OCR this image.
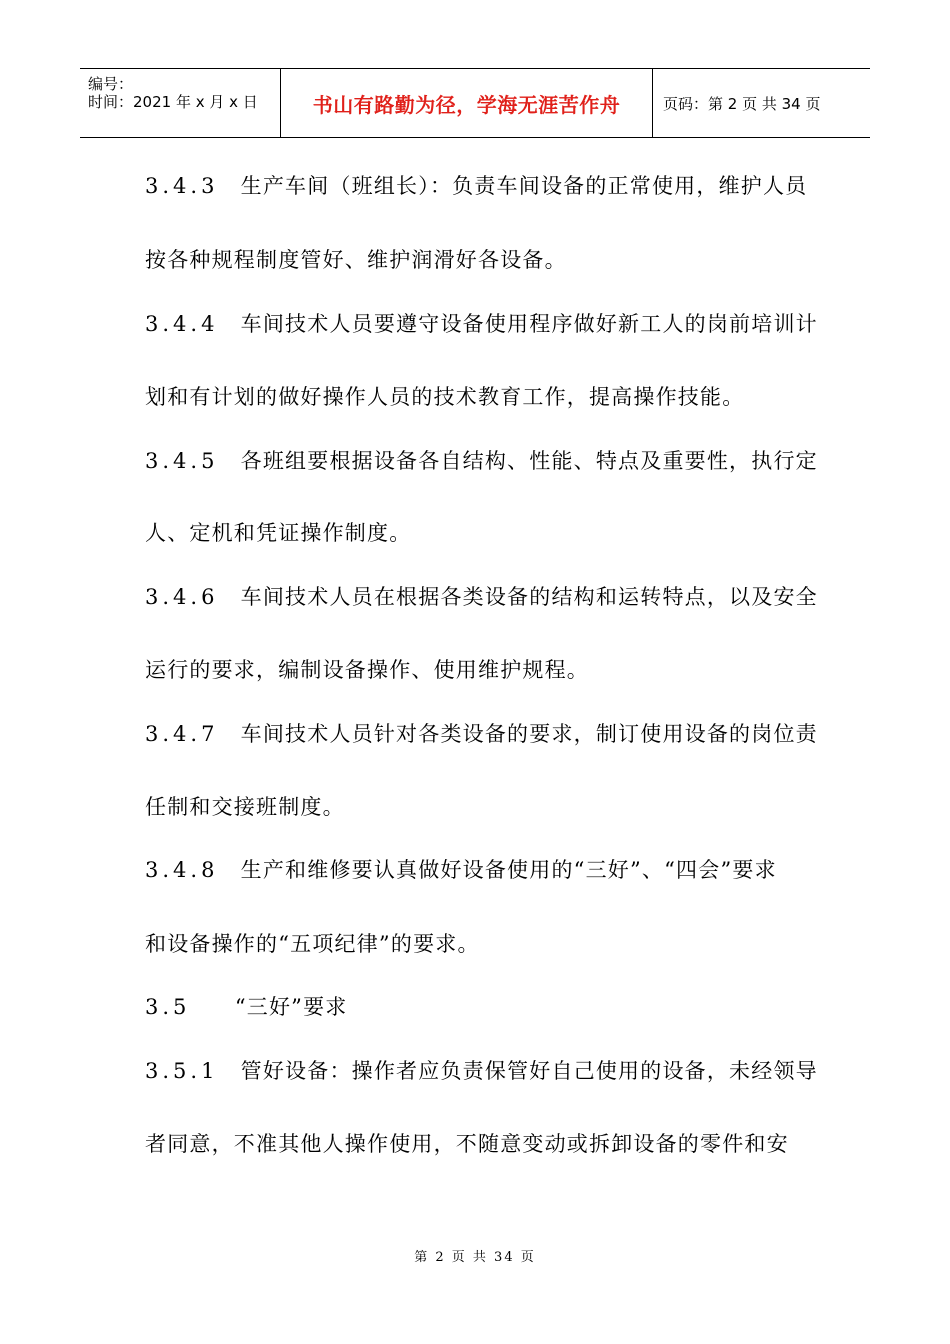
编号：
时间：2021 年 x 月 x 日	书山有路勤为径，学海无涯苦作舟	页码：第 2 页 共 34 页
3.4.3　 生产车间（班组长）：负责车间设备的正常使用，维护人员
按各种规程制度管好、维护润滑好各设备。
3.4.4　 车间技术人员要遵守设备使用程序做好新工人的岗前培训计
划和有计划的做好操作人员的技术教育工作，提高操作技能。
3.4.5　 各班组要根据设备各自结构、性能、特点及重要性，执行定
人、定机和凭证操作制度。
3.4.6　 车间技术人员在根据各类设备的结构和运转特点，以及安全
运行的要求，编制设备操作、使用维护规程。
3.4.7　 车间技术人员针对各类设备的要求，制订使用设备的岗位责
任制和交接班制度。
3.4.8　 生产和维修要认真做好设备使用的“三好”、“四会”要求
和设备操作的“五项纪律”的要求。
3.5　　 “三好”要求
3.5.1　 管好设备：操作者应负责保管好自己使用的设备，未经领导
者同意，不准其他人操作使用，不随意变动或拆卸设备的零件和安
第 2 页 共 34 页
